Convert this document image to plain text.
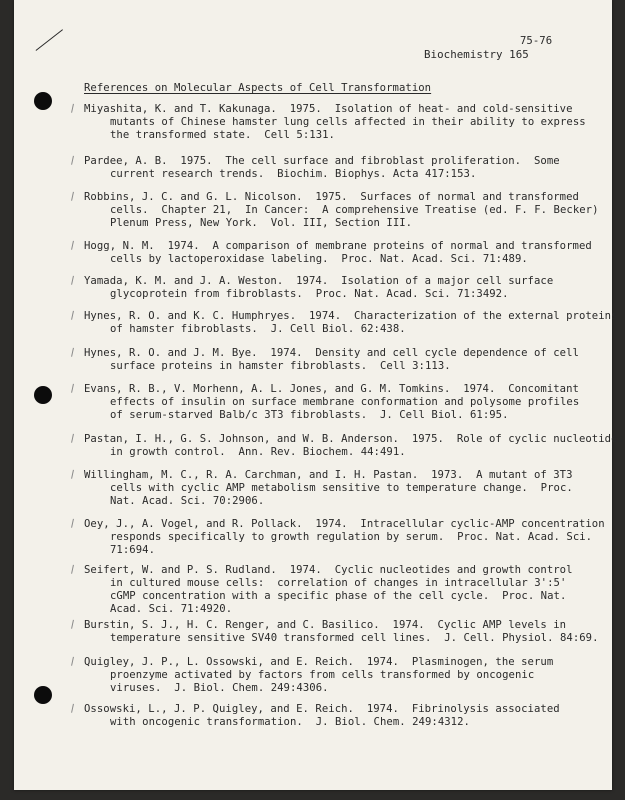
75-76
Biochemistry 165
References on Molecular Aspects of Cell Transformation
Miyashita, K. and T. Kakunaga.  1975.  Isolation of heat- and cold-sensitive
mutants of Chinese hamster lung cells affected in their ability to express
the transformed state.  Cell 5:131.
Pardee, A. B.  1975.  The cell surface and fibroblast proliferation.  Some
current research trends.  Biochim. Biophys. Acta 417:153.
Robbins, J. C. and G. L. Nicolson.  1975.  Surfaces of normal and transformed
cells.  Chapter 21,  In Cancer:  A comprehensive Treatise (ed. F. F. Becker)
Plenum Press, New York.  Vol. III, Section III.
Hogg, N. M.  1974.  A comparison of membrane proteins of normal and transformed
cells by lactoperoxidase labeling.  Proc. Nat. Acad. Sci. 71:489.
Yamada, K. M. and J. A. Weston.  1974.  Isolation of a major cell surface
glycoprotein from fibroblasts.  Proc. Nat. Acad. Sci. 71:3492.
Hynes, R. O. and K. C. Humphryes.  1974.  Characterization of the external proteins
of hamster fibroblasts.  J. Cell Biol. 62:438.
Hynes, R. O. and J. M. Bye.  1974.  Density and cell cycle dependence of cell
surface proteins in hamster fibroblasts.  Cell 3:113.
Evans, R. B., V. Morhenn, A. L. Jones, and G. M. Tomkins.  1974.  Concomitant
effects of insulin on surface membrane conformation and polysome profiles
of serum-starved Balb/c 3T3 fibroblasts.  J. Cell Biol. 61:95.
Pastan, I. H., G. S. Johnson, and W. B. Anderson.  1975.  Role of cyclic nucleotides
in growth control.  Ann. Rev. Biochem. 44:491.
Willingham, M. C., R. A. Carchman, and I. H. Pastan.  1973.  A mutant of 3T3
cells with cyclic AMP metabolism sensitive to temperature change.  Proc.
Nat. Acad. Sci. 70:2906.
Oey, J., A. Vogel, and R. Pollack.  1974.  Intracellular cyclic-AMP concentration
responds specifically to growth regulation by serum.  Proc. Nat. Acad. Sci.
71:694.
Seifert, W. and P. S. Rudland.  1974.  Cyclic nucleotides and growth control
in cultured mouse cells:  correlation of changes in intracellular 3':5'
cGMP concentration with a specific phase of the cell cycle.  Proc. Nat.
Acad. Sci. 71:4920.
Burstin, S. J., H. C. Renger, and C. Basilico.  1974.  Cyclic AMP levels in
temperature sensitive SV40 transformed cell lines.  J. Cell. Physiol. 84:69.
Quigley, J. P., L. Ossowski, and E. Reich.  1974.  Plasminogen, the serum
proenzyme activated by factors from cells transformed by oncogenic
viruses.  J. Biol. Chem. 249:4306.
Ossowski, L., J. P. Quigley, and E. Reich.  1974.  Fibrinolysis associated
with oncogenic transformation.  J. Biol. Chem. 249:4312.
